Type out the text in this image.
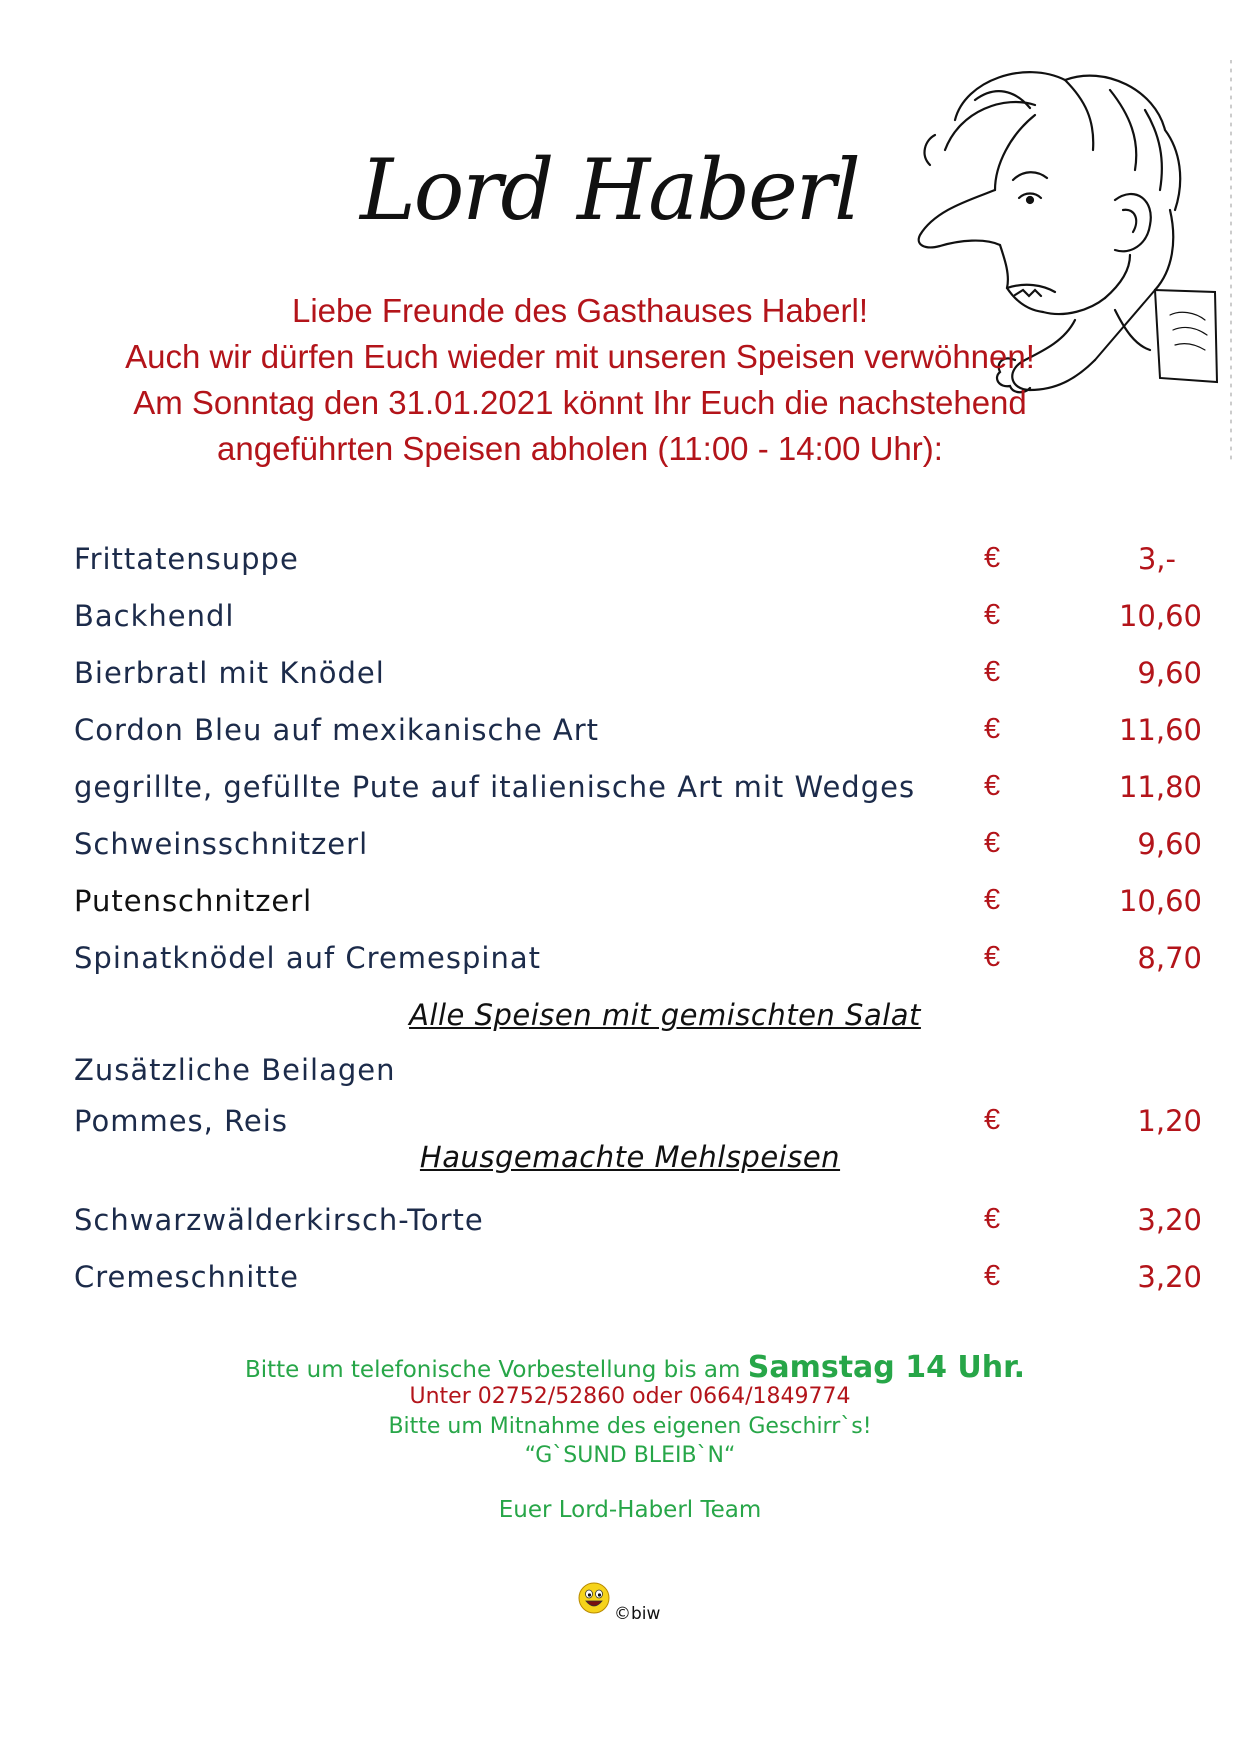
Lord Haberl
Liebe Freunde des Gasthauses Haberl!
Auch wir dürfen Euch wieder mit unseren Speisen verwöhnen!
Am Sonntag den 31.01.2021 könnt Ihr Euch die nachstehend
angeführten Speisen abholen (11:00 - 14:00 Uhr):
Frittatensuppe	€	3,-
Backhendl	€	10,60
Bierbratl mit Knödel	€	9,60
Cordon Bleu auf mexikanische Art	€	11,60
gegrillte, gefüllte Pute auf italienische Art mit Wedges €	11,80
Schweinsschnitzerl	€	9,60
Putenschnitzerl	€	10,60
Spinatknödel auf Cremespinat	€	8,70
Alle Speisen mit gemischten Salat
Zusätzliche Beilagen
Pommes, Reis	€	1,20
Hausgemachte Mehlspeisen
Schwarzwälderkirsch-Torte	€	3,20
Cremeschnitte	€	3,20
Bitte um telefonische Vorbestellung bis am Samstag 14 Uhr.
Unter 02752/52860 oder 0664/1849774
Bitte um Mitnahme des eigenen Geschirr`s!
“G`SUND BLEIB`N“
Euer Lord-Haberl Team
©biw
